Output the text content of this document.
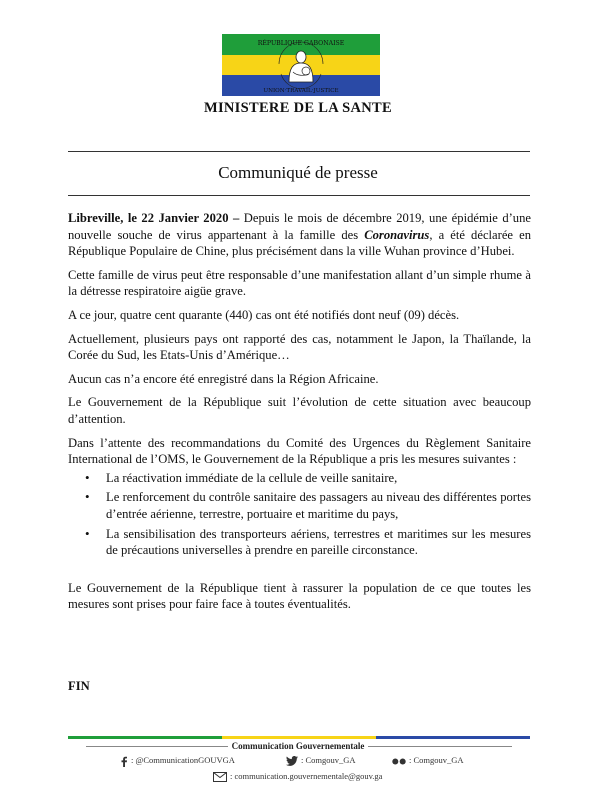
RÉPUBLIQUE GABONAISE
UNION·TRAVAIL·JUSTICE
MINISTERE DE LA SANTE
Communiqué de presse

Libreville, le 22 Janvier 2020 – Depuis le mois de décembre 2019, une épidémie d’une nouvelle souche de virus appartenant à la famille des Coronavirus, a été déclarée en République Populaire de Chine, plus précisément dans la ville Wuhan province d’Hubei.

Cette famille de virus peut être responsable d’une manifestation allant d’un simple rhume à la détresse respiratoire aigüe grave.

A ce jour, quatre cent quarante (440) cas ont été notifiés dont neuf (09) décès.

Actuellement, plusieurs pays ont rapporté des cas, notamment le Japon, la Thaïlande, la Corée du Sud, les Etats-Unis d’Amérique…

Aucun cas n’a encore été enregistré dans la Région Africaine.

Le Gouvernement de la République suit l’évolution de cette situation avec beaucoup d’attention.

Dans l’attente des recommandations du Comité des Urgences du Règlement Sanitaire International de l’OMS, le Gouvernement de la République a pris les mesures suivantes :

• La réactivation immédiate de la cellule de veille sanitaire,
• Le renforcement du contrôle sanitaire des passagers au niveau des différentes portes d’entrée aérienne, terrestre, portuaire et maritime du pays,
• La sensibilisation des transporteurs aériens, terrestres et maritimes sur les mesures de précautions universelles à prendre en pareille circonstance.

Le Gouvernement de la République tient à rassurer la population de ce que toutes les mesures sont prises pour faire face à toutes éventualités.

FIN
Communication Gouvernementale
: @CommunicationGOUVGA	: Comgouv_GA	: Comgouv_GA
: communication.gouvernementale@gouv.ga
